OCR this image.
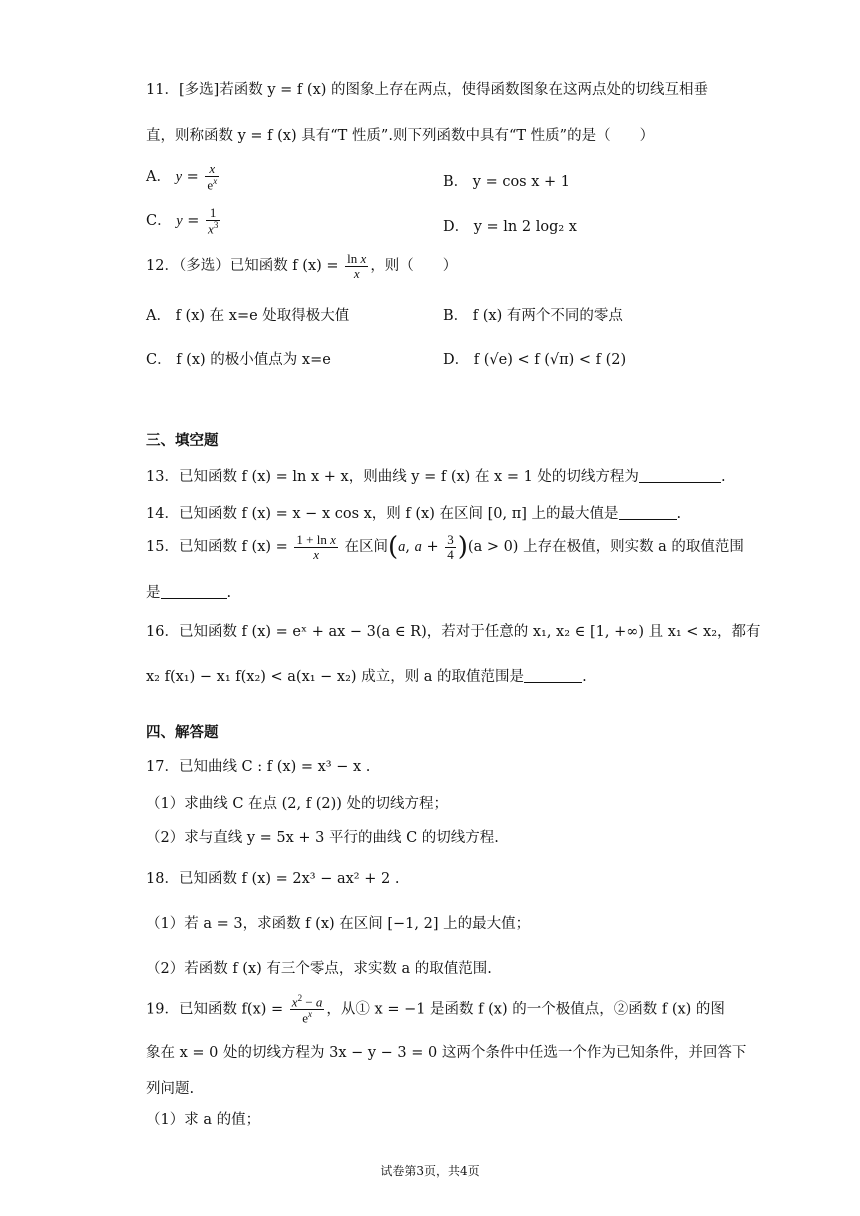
11．[多选]若函数 y = f (x) 的图象上存在两点，使得函数图象在这两点处的切线互相垂
直，则称函数 y = f (x) 具有“T 性质”.则下列函数中具有“T 性质”的是（　　）
A． $y = \frac{x}{e^x}$	B． y = cos x + 1
C． $y = \frac{1}{x^3}$	D． y = ln 2 log₂ x
12．（多选）已知函数 f $(x) = \frac{\text{ln x}}{x}$ ，则（　　）
A． f (x) 在 x=e 处取得极大值	B． f (x) 有两个不同的零点
C． f (x) 的极小值点为 x=e	D． f (√e) < f (√π) < f (2)
三、填空题
13．已知函数 f (x) = ln x + x，则曲线 y = f (x) 在 x = 1 处的切线方程为	.
14．已知函数 f (x) = x − x cos x，则 f (x) 在区间 [0, π] 上的最大值是	.
15．已知函数 f $(x) = \frac{\text{1 + ln x}}{x}$ 在区间(a, $a + \frac{3}{4} )(a > 0)$ 上存在极值，则实数 a 的取值范围
是	.
16．已知函数 f (x) = eˣ + ax − 3(a ∈ R)，若对于任意的 x₁, x₂ ∈ [1, +∞) 且 x₁ < x₂，都有
x₂ f(x₁) − x₁ f(x₂) < a(x₁ − x₂) 成立，则 a 的取值范围是	.
四、解答题
17．已知曲线 C : f (x) = x³ − x .
（1）求曲线 C 在点 (2, f (2)) 处的切线方程；
（2）求与直线 y = 5x + 3 平行的曲线 C 的切线方程.
18．已知函数 f (x) = 2x³ − ax² + 2 .
（1）若 a = 3，求函数 f (x) 在区间 [−1, 2] 上的最大值；
（2）若函数 f (x) 有三个零点，求实数 a 的取值范围.
19．已知函数 $f(x) = \frac{x^2 - a}{e^x}$ ，从① x = −1 是函数 f (x) 的一个极值点，②函数 f (x) 的图
象在 x = 0 处的切线方程为 3x − y − 3 = 0 这两个条件中任选一个作为已知条件，并回答下
列问题.
（1）求 a 的值；
试卷第3页，共4页
